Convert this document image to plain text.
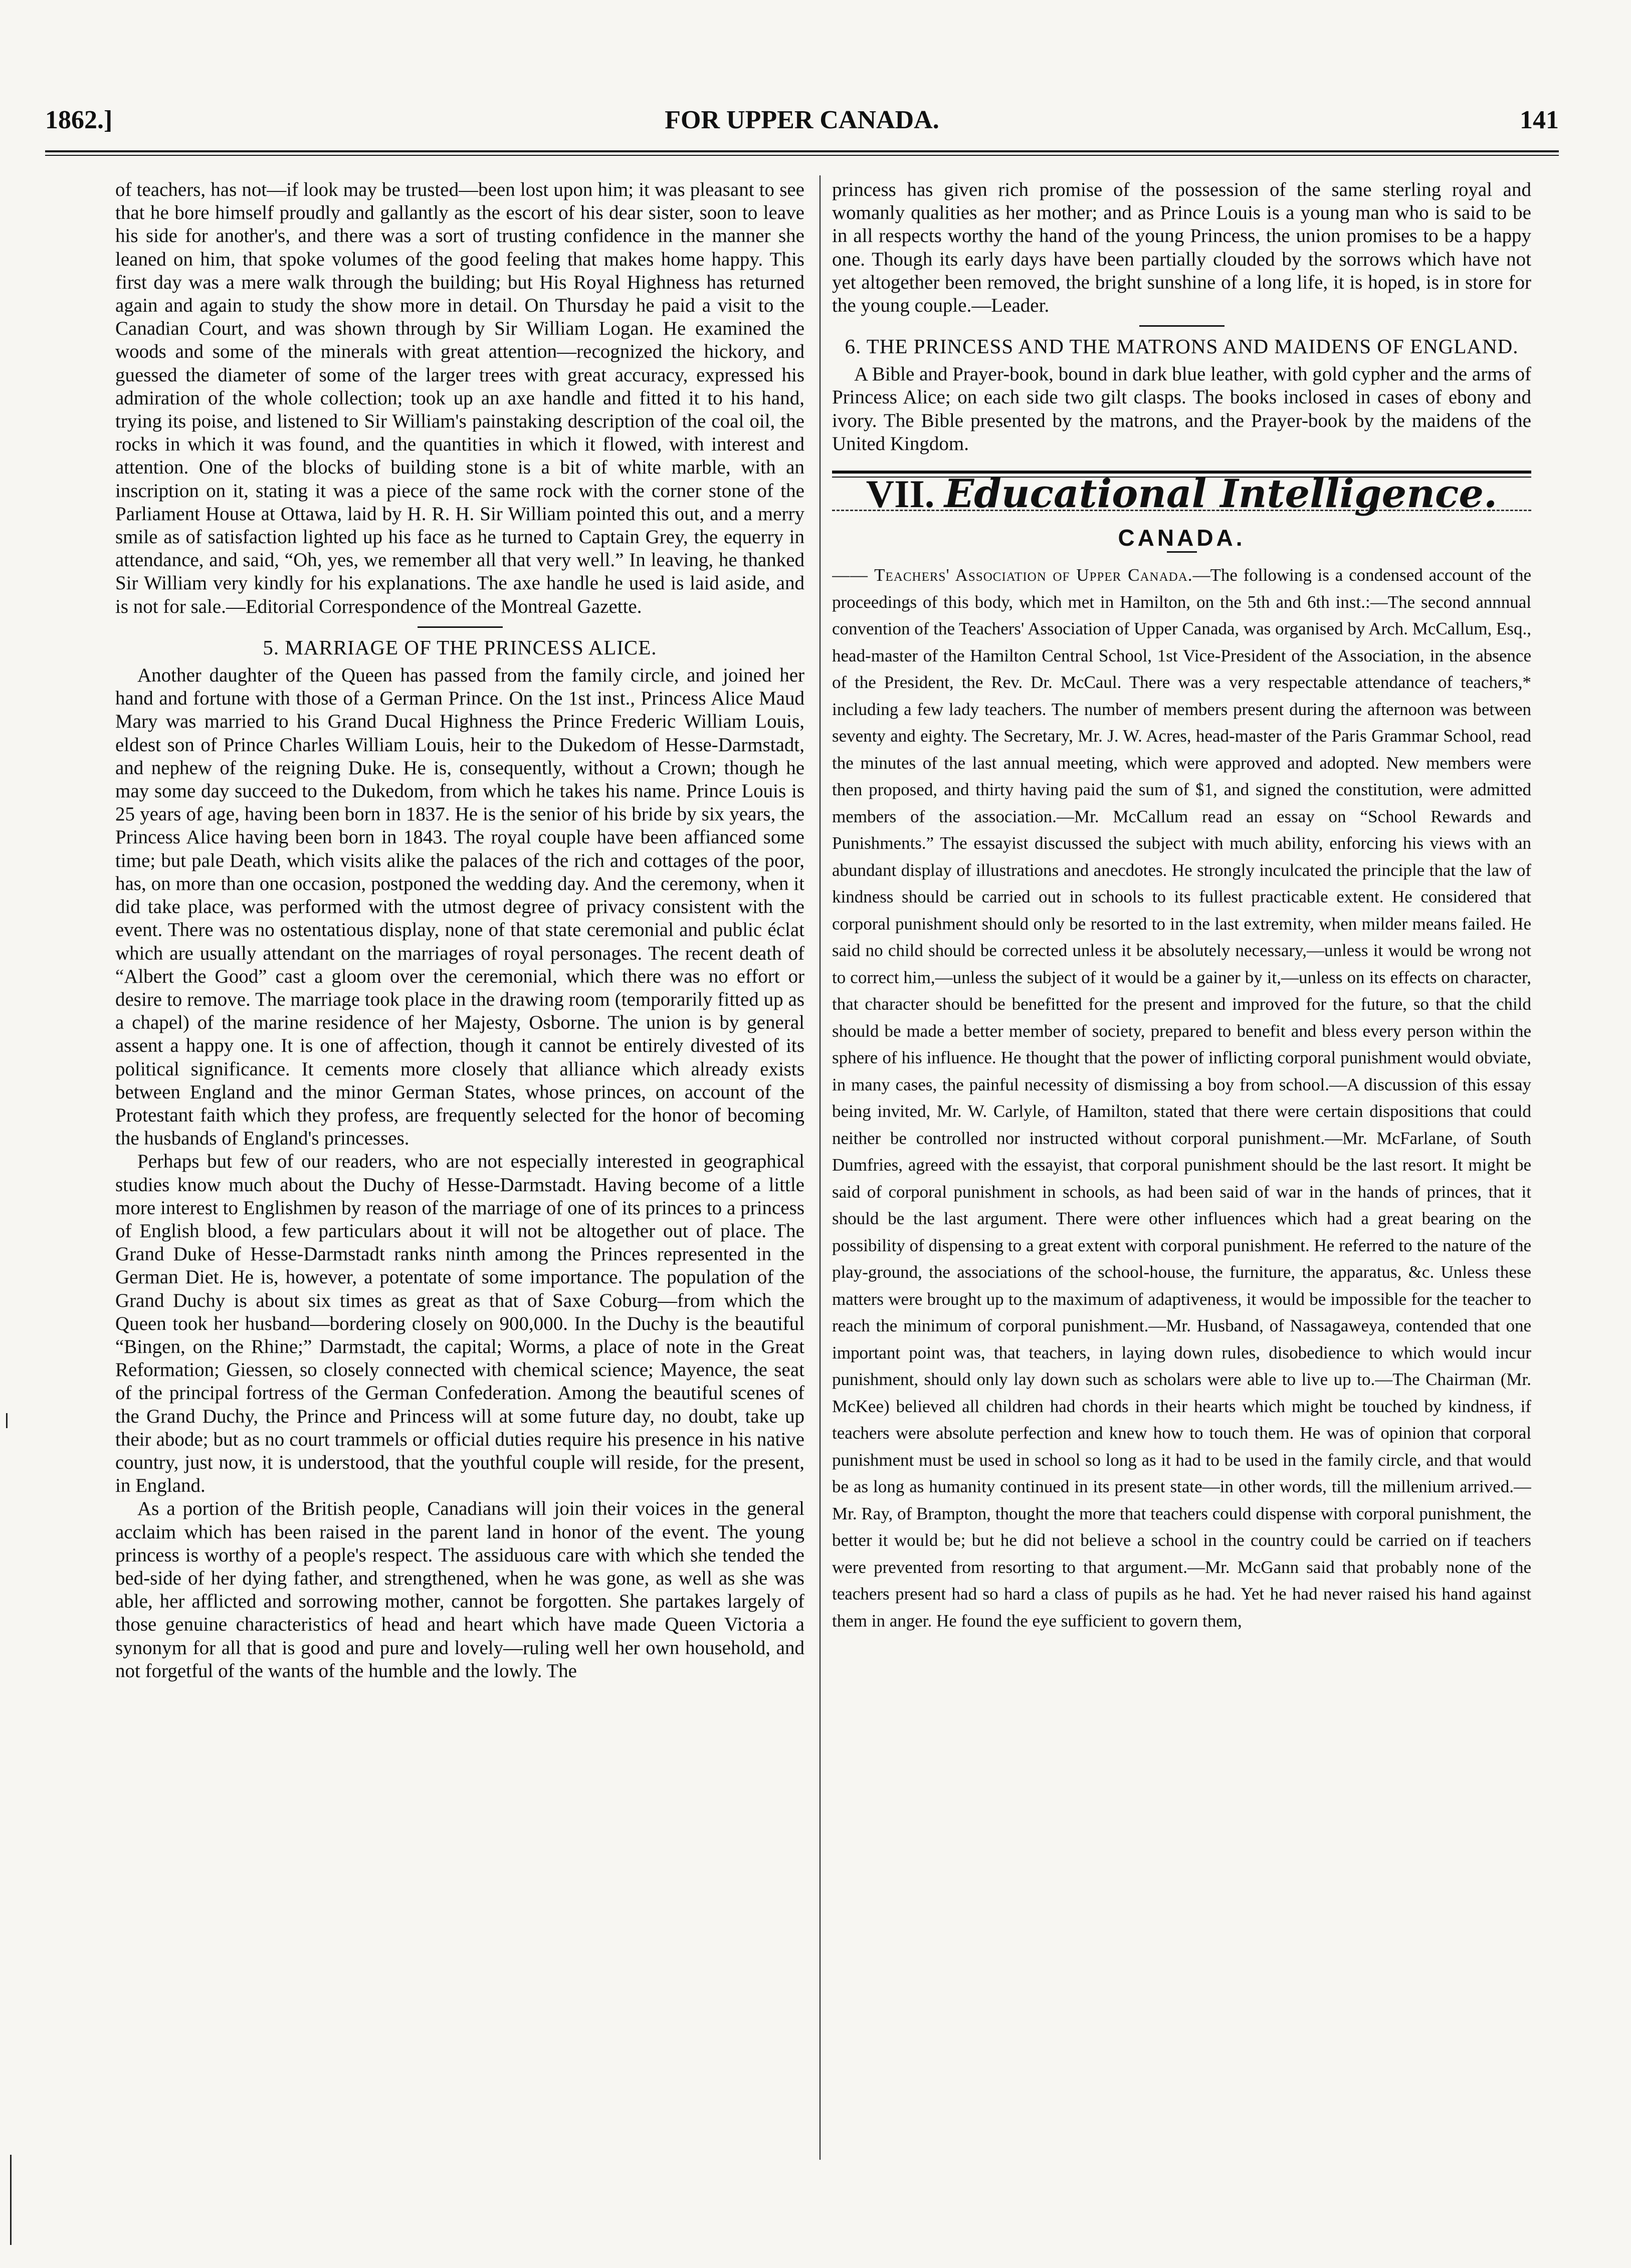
1862.]	FOR UPPER CANADA.	141

of teachers, has not—if look may be trusted—been lost upon him; it was pleasant to see that he bore himself proudly and gallantly as the escort of his dear sister, soon to leave his side for another's, and there was a sort of trusting confidence in the manner she leaned on him, that spoke volumes of the good feeling that makes home happy. This first day was a mere walk through the building; but His Royal Highness has returned again and again to study the show more in detail. On Thursday he paid a visit to the Canadian Court, and was shown through by Sir William Logan. He examined the woods and some of the minerals with great attention—recognized the hickory, and guessed the diameter of some of the larger trees with great accuracy, expressed his admiration of the whole collection; took up an axe handle and fitted it to his hand, trying its poise, and listened to Sir William's painstaking description of the coal oil, the rocks in which it was found, and the quantities in which it flowed, with interest and attention. One of the blocks of building stone is a bit of white marble, with an inscription on it, stating it was a piece of the same rock with the corner stone of the Parliament House at Ottawa, laid by H. R. H. Sir William pointed this out, and a merry smile as of satisfaction lighted up his face as he turned to Captain Grey, the equerry in attendance, and said, “Oh, yes, we remember all that very well.” In leaving, he thanked Sir William very kindly for his explanations. The axe handle he used is laid aside, and is not for sale.—Editorial Correspondence of the Montreal Gazette.

5. MARRIAGE OF THE PRINCESS ALICE.

Another daughter of the Queen has passed from the family circle, and joined her hand and fortune with those of a German Prince. On the 1st inst., Princess Alice Maud Mary was married to his Grand Ducal Highness the Prince Frederic William Louis, eldest son of Prince Charles William Louis, heir to the Dukedom of Hesse-Darmstadt, and nephew of the reigning Duke. He is, consequently, without a Crown; though he may some day succeed to the Dukedom, from which he takes his name. Prince Louis is 25 years of age, having been born in 1837. He is the senior of his bride by six years, the Princess Alice having been born in 1843. The royal couple have been affianced some time; but pale Death, which visits alike the palaces of the rich and cottages of the poor, has, on more than one occasion, postponed the wedding day. And the ceremony, when it did take place, was performed with the utmost degree of privacy consistent with the event. There was no ostentatious display, none of that state ceremonial and public éclat which are usually attendant on the marriages of royal personages. The recent death of “Albert the Good” cast a gloom over the ceremonial, which there was no effort or desire to remove. The marriage took place in the drawing room (temporarily fitted up as a chapel) of the marine residence of her Majesty, Osborne. The union is by general assent a happy one. It is one of affection, though it cannot be entirely divested of its political significance. It cements more closely that alliance which already exists between England and the minor German States, whose princes, on account of the Protestant faith which they profess, are frequently selected for the honor of becoming the husbands of England's princesses.

Perhaps but few of our readers, who are not especially interested in geographical studies know much about the Duchy of Hesse-Darmstadt. Having become of a little more interest to Englishmen by reason of the marriage of one of its princes to a princess of English blood, a few particulars about it will not be altogether out of place. The Grand Duke of Hesse-Darmstadt ranks ninth among the Princes represented in the German Diet. He is, however, a potentate of some importance. The population of the Grand Duchy is about six times as great as that of Saxe Coburg—from which the Queen took her husband—bordering closely on 900,000. In the Duchy is the beautiful “Bingen, on the Rhine;” Darmstadt, the capital; Worms, a place of note in the Great Reformation; Giessen, so closely connected with chemical science; Mayence, the seat of the principal fortress of the German Confederation. Among the beautiful scenes of the Grand Duchy, the Prince and Princess will at some future day, no doubt, take up their abode; but as no court trammels or official duties require his presence in his native country, just now, it is understood, that the youthful couple will reside, for the present, in England.

As a portion of the British people, Canadians will join their voices in the general acclaim which has been raised in the parent land in honor of the event. The young princess is worthy of a people's respect. The assiduous care with which she tended the bed-side of her dying father, and strengthened, when he was gone, as well as she was able, her afflicted and sorrowing mother, cannot be forgotten. She partakes largely of those genuine characteristics of head and heart which have made Queen Victoria a synonym for all that is good and pure and lovely—ruling well her own household, and not forgetful of the wants of the humble and the lowly. The

princess has given rich promise of the possession of the same sterling royal and womanly qualities as her mother; and as Prince Louis is a young man who is said to be in all respects worthy the hand of the young Princess, the union promises to be a happy one. Though its early days have been partially clouded by the sorrows which have not yet altogether been removed, the bright sunshine of a long life, it is hoped, is in store for the young couple.—Leader.

6. THE PRINCESS AND THE MATRONS AND MAIDENS OF ENGLAND.

A Bible and Prayer-book, bound in dark blue leather, with gold cypher and the arms of Princess Alice; on each side two gilt clasps. The books inclosed in cases of ebony and ivory. The Bible presented by the matrons, and the Prayer-book by the maidens of the United Kingdom.

VII. Educational Intelligence.
CANADA.

—— Teachers' Association of Upper Canada.—The following is a condensed account of the proceedings of this body, which met in Hamilton, on the 5th and 6th inst.:—The second annnual convention of the Teachers' Association of Upper Canada, was organised by Arch. McCallum, Esq., head-master of the Hamilton Central School, 1st Vice-President of the Association, in the absence of the President, the Rev. Dr. McCaul. There was a very respectable attendance of teachers,* including a few lady teachers. The number of members present during the afternoon was between seventy and eighty. The Secretary, Mr. J. W. Acres, head-master of the Paris Grammar School, read the minutes of the last annual meeting, which were approved and adopted. New members were then proposed, and thirty having paid the sum of $1, and signed the constitution, were admitted members of the association.—Mr. McCallum read an essay on “School Rewards and Punishments.” The essayist discussed the subject with much ability, enforcing his views with an abundant display of illustrations and anecdotes. He strongly inculcated the principle that the law of kindness should be carried out in schools to its fullest practicable extent. He considered that corporal punishment should only be resorted to in the last extremity, when milder means failed. He said no child should be corrected unless it be absolutely necessary,—unless it would be wrong not to correct him,—unless the subject of it would be a gainer by it,—unless on its effects on character, that character should be benefitted for the present and improved for the future, so that the child should be made a better member of society, prepared to benefit and bless every person within the sphere of his influence. He thought that the power of inflicting corporal punishment would obviate, in many cases, the painful necessity of dismissing a boy from school.—A discussion of this essay being invited, Mr. W. Carlyle, of Hamilton, stated that there were certain dispositions that could neither be controlled nor instructed without corporal punishment.—Mr. McFarlane, of South Dumfries, agreed with the essayist, that corporal punishment should be the last resort. It might be said of corporal punishment in schools, as had been said of war in the hands of princes, that it should be the last argument. There were other influences which had a great bearing on the possibility of dispensing to a great extent with corporal punishment. He referred to the nature of the play-ground, the associations of the school-house, the furniture, the apparatus, &c. Unless these matters were brought up to the maximum of adaptiveness, it would be impossible for the teacher to reach the minimum of corporal punishment.—Mr. Husband, of Nassagaweya, contended that one important point was, that teachers, in laying down rules, disobedience to which would incur punishment, should only lay down such as scholars were able to live up to.—The Chairman (Mr. McKee) believed all children had chords in their hearts which might be touched by kindness, if teachers were absolute perfection and knew how to touch them. He was of opinion that corporal punishment must be used in school so long as it had to be used in the family circle, and that would be as long as humanity continued in its present state—in other words, till the millenium arrived.—Mr. Ray, of Brampton, thought the more that teachers could dispense with corporal punishment, the better it would be; but he did not believe a school in the country could be carried on if teachers were prevented from resorting to that argument.—Mr. McGann said that probably none of the teachers present had so hard a class of pupils as he had. Yet he had never raised his hand against them in anger. He found the eye sufficient to govern them,
